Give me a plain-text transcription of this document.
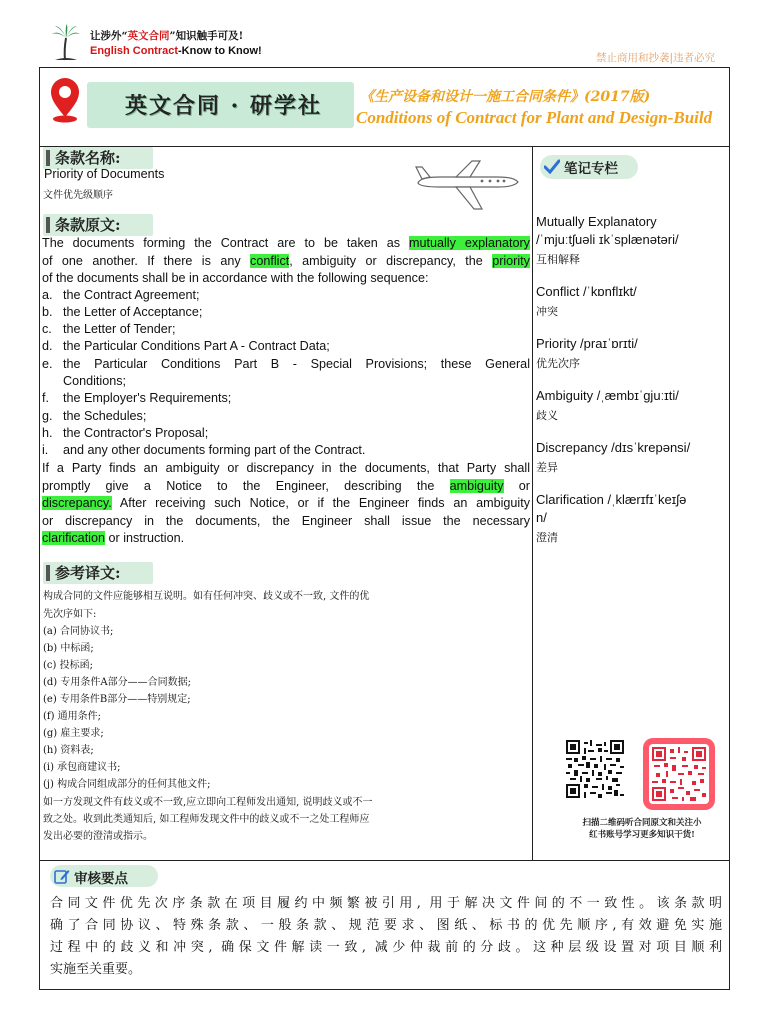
让涉外“英文合同”知识触手可及!
English Contract-Know to Know!
禁止商用和抄袭|违者必究
英文合同 · 研学社	《生产设备和设计一施工合同条件》(2017版)
Conditions of Contract for Plant and Design-Build
条款名称:
Priority of Documents
文件优先级顺序
条款原文:
The documents forming the Contract are to be taken as mutually explanatory
of one another. If there is any conflict, ambiguity or discrepancy, the priority
of the documents shall be in accordance with the following sequence:
a. the Contract Agreement;
b. the Letter of Acceptance;
c. the Letter of Tender;
d. the Particular Conditions Part A - Contract Data;
e. the Particular Conditions Part B - Special Provisions; these General
Conditions;
f. the Employer's Requirements;
g. the Schedules;
h. the Contractor's Proposal;
i. and any other documents forming part of the Contract.
If a Party finds an ambiguity or discrepancy in the documents, that Party shall
promptly give a Notice to the Engineer, describing the ambiguity or
discrepancy. After receiving such Notice, or if the Engineer finds an ambiguity
or discrepancy in the documents, the Engineer shall issue the necessary
clarification or instruction.
参考译文:
构成合同的文件应能够相互说明。如有任何冲突、歧义或不一致, 文件的优
先次序如下:
(a) 合同协议书;
(b) 中标函;
(c) 投标函;
(d) 专用条件A部分——合同数据;
(e) 专用条件B部分——特别规定;
(f) 通用条件;
(g) 雇主要求;
(h) 资料表;
(i) 承包商建议书;
(j) 构成合同组成部分的任何其他文件;
如一方发现文件有歧义或不一致,应立即向工程师发出通知, 说明歧义或不一
致之处。收到此类通知后, 如工程师发现文件中的歧义或不一之处工程师应
发出必要的澄清或指示。
笔记专栏
Mutually Explanatory
/ˈmjuːtʃuəli ɪkˈsplænətəri/
互相解释
Conflict /ˈkɒnflɪkt/
冲突
Priority /praɪˈɒrɪti/
优先次序
Ambiguity /ˌæmbɪˈɡjuːɪti/
歧义
Discrepancy /dɪsˈkrepənsi/
差异
Clarification /ˌklærɪfɪˈkeɪʃə
n/
澄清
扫描二维码听合同原文和关注小
红书账号学习更多知识干货!
审核要点
合同文件优先次序条款在项目履约中频繁被引用, 用于解决文件间的不一致性。该条款明
确了合同协议、特殊条款、一般条款、规范要求、图纸、标书的优先顺序,有效避免实施
过程中的歧义和冲突, 确保文件解读一致, 减少仲裁前的分歧。这种层级设置对项目顺利
实施至关重要。
